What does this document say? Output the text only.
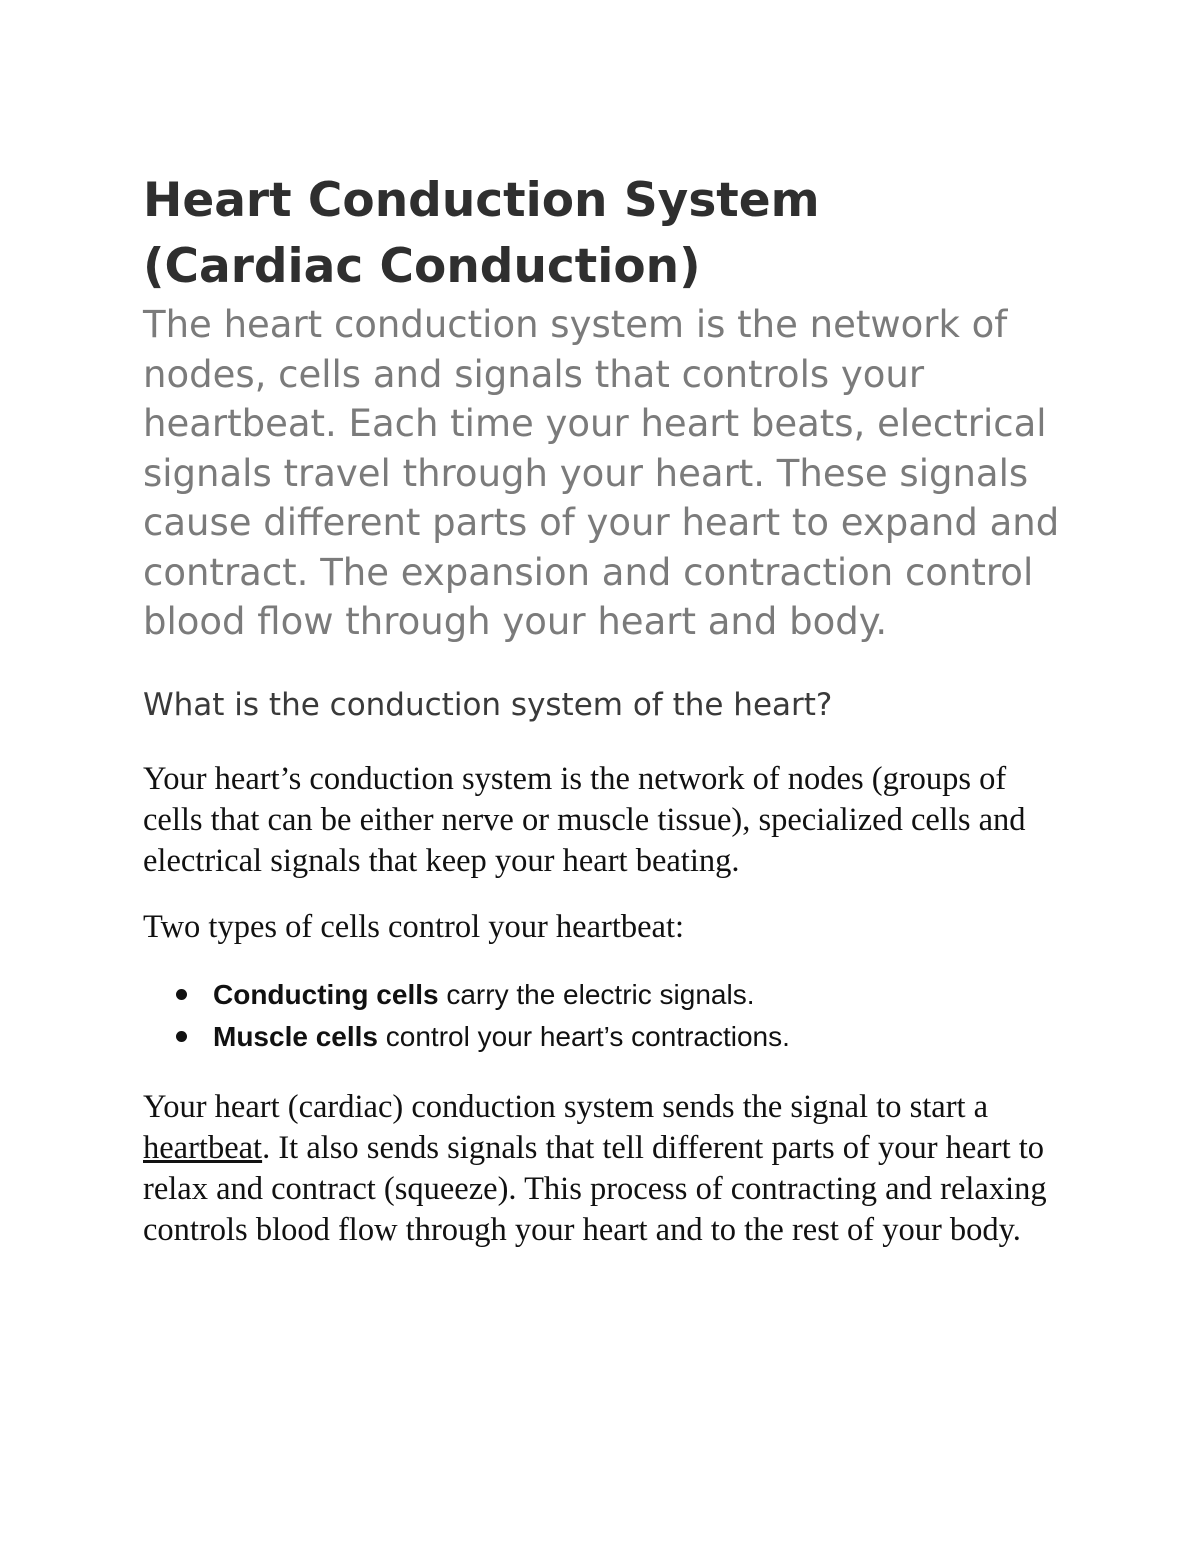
Heart Conduction System
(Cardiac Conduction)

The heart conduction system is the network of nodes, cells and signals that controls your heartbeat. Each time your heart beats, electrical signals travel through your heart. These signals cause different parts of your heart to expand and contract. The expansion and contraction control blood flow through your heart and body.

What is the conduction system of the heart?

Your heart’s conduction system is the network of nodes (groups of cells that can be either nerve or muscle tissue), specialized cells and electrical signals that keep your heart beating.

Two types of cells control your heartbeat:

Conducting cells carry the electric signals.
Muscle cells control your heart’s contractions.

Your heart (cardiac) conduction system sends the signal to start a heartbeat. It also sends signals that tell different parts of your heart to relax and contract (squeeze). This process of contracting and relaxing controls blood flow through your heart and to the rest of your body.
